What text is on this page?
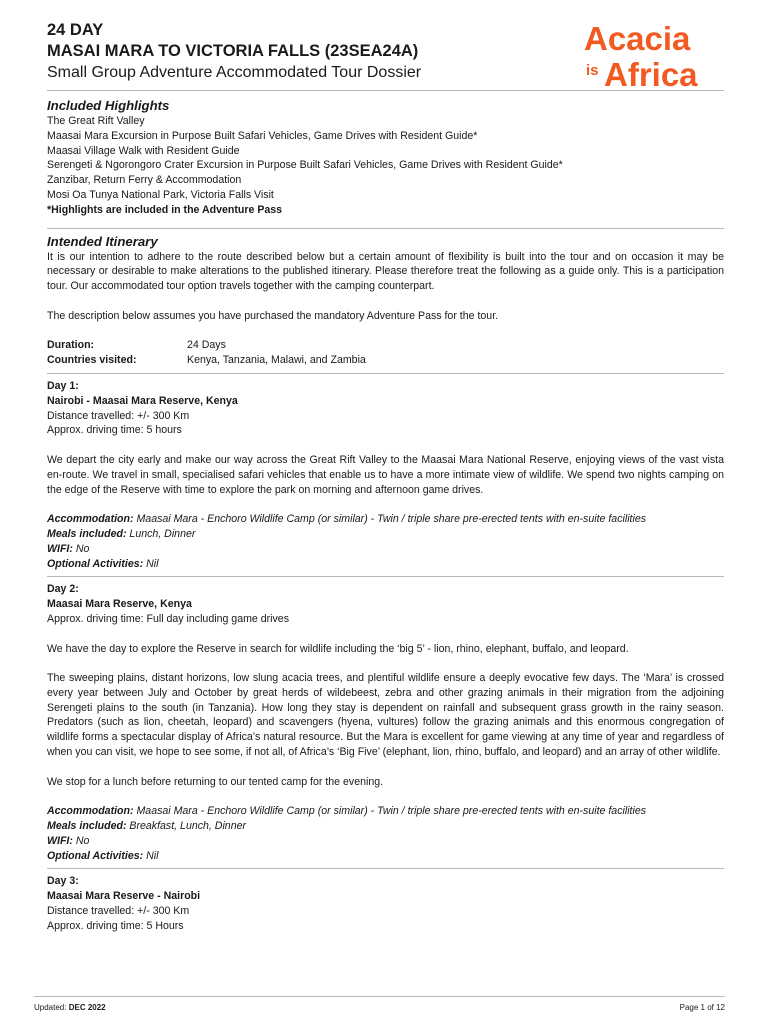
Acacia
is Africa

24 DAY

MASAI MARA TO VICTORIA FALLS (23SEA24A)

Small Group Adventure Accommodated Tour Dossier

Included Highlights

The Great Rift Valley

Maasai Mara Excursion in Purpose Built Safari Vehicles, Game Drives with Resident Guide*

Maasai Village Walk with Resident Guide

Serengeti & Ngorongoro Crater Excursion in Purpose Built Safari Vehicles, Game Drives with Resident Guide*

Zanzibar, Return Ferry & Accommodation

Mosi Oa Tunya National Park, Victoria Falls Visit

*Highlights are included in the Adventure Pass

Intended Itinerary

It is our intention to adhere to the route described below but a certain amount of flexibility is built into the tour and on occasion it may be necessary or desirable to make alterations to the published itinerary. Please therefore treat the following as a guide only. This is a participation tour. Our accommodated tour option travels together with the camping counterpart.

The description below assumes you have purchased the mandatory Adventure Pass for the tour.

Duration:	24 Days
Countries visited:	Kenya, Tanzania, Malawi, and Zambia

Day 1:

Nairobi - Maasai Mara Reserve, Kenya

Distance travelled: +/- 300 Km

Approx. driving time: 5 hours

We depart the city early and make our way across the Great Rift Valley to the Maasai Mara National Reserve, enjoying views of the vast vista en-route. We travel in small, specialised safari vehicles that enable us to have a more intimate view of wildlife. We spend two nights camping on the edge of the Reserve with time to explore the park on morning and afternoon game drives.

Accommodation: Maasai Mara - Enchoro Wildlife Camp (or similar) - Twin / triple share pre-erected tents with en-suite facilities

Meals included: Lunch, Dinner

WIFI: No

Optional Activities: Nil

Day 2:

Maasai Mara Reserve, Kenya

Approx. driving time: Full day including game drives

We have the day to explore the Reserve in search for wildlife including the ‘big 5’ - lion, rhino, elephant, buffalo, and leopard.

The sweeping plains, distant horizons, low slung acacia trees, and plentiful wildlife ensure a deeply evocative few days. The ‘Mara’ is crossed every year between July and October by great herds of wildebeest, zebra and other grazing animals in their migration from the adjoining Serengeti plains to the south (in Tanzania). How long they stay is dependent on rainfall and subsequent grass growth in the rainy season. Predators (such as lion, cheetah, leopard) and scavengers (hyena, vultures) follow the grazing animals and this enormous congregation of wildlife forms a spectacular display of Africa’s natural resource. But the Mara is excellent for game viewing at any time of year and regardless of when you can visit, we hope to see some, if not all, of Africa’s ‘Big Five’ (elephant, lion, rhino, buffalo, and leopard) and an array of other wildlife.

We stop for a lunch before returning to our tented camp for the evening.

Accommodation: Maasai Mara - Enchoro Wildlife Camp (or similar) - Twin / triple share pre-erected tents with en-suite facilities

Meals included: Breakfast, Lunch, Dinner

WIFI: No

Optional Activities: Nil

Day 3:

Maasai Mara Reserve - Nairobi

Distance travelled: +/- 300 Km

Approx. driving time: 5 Hours

Updated: DEC 2022	Page 1 of 12
